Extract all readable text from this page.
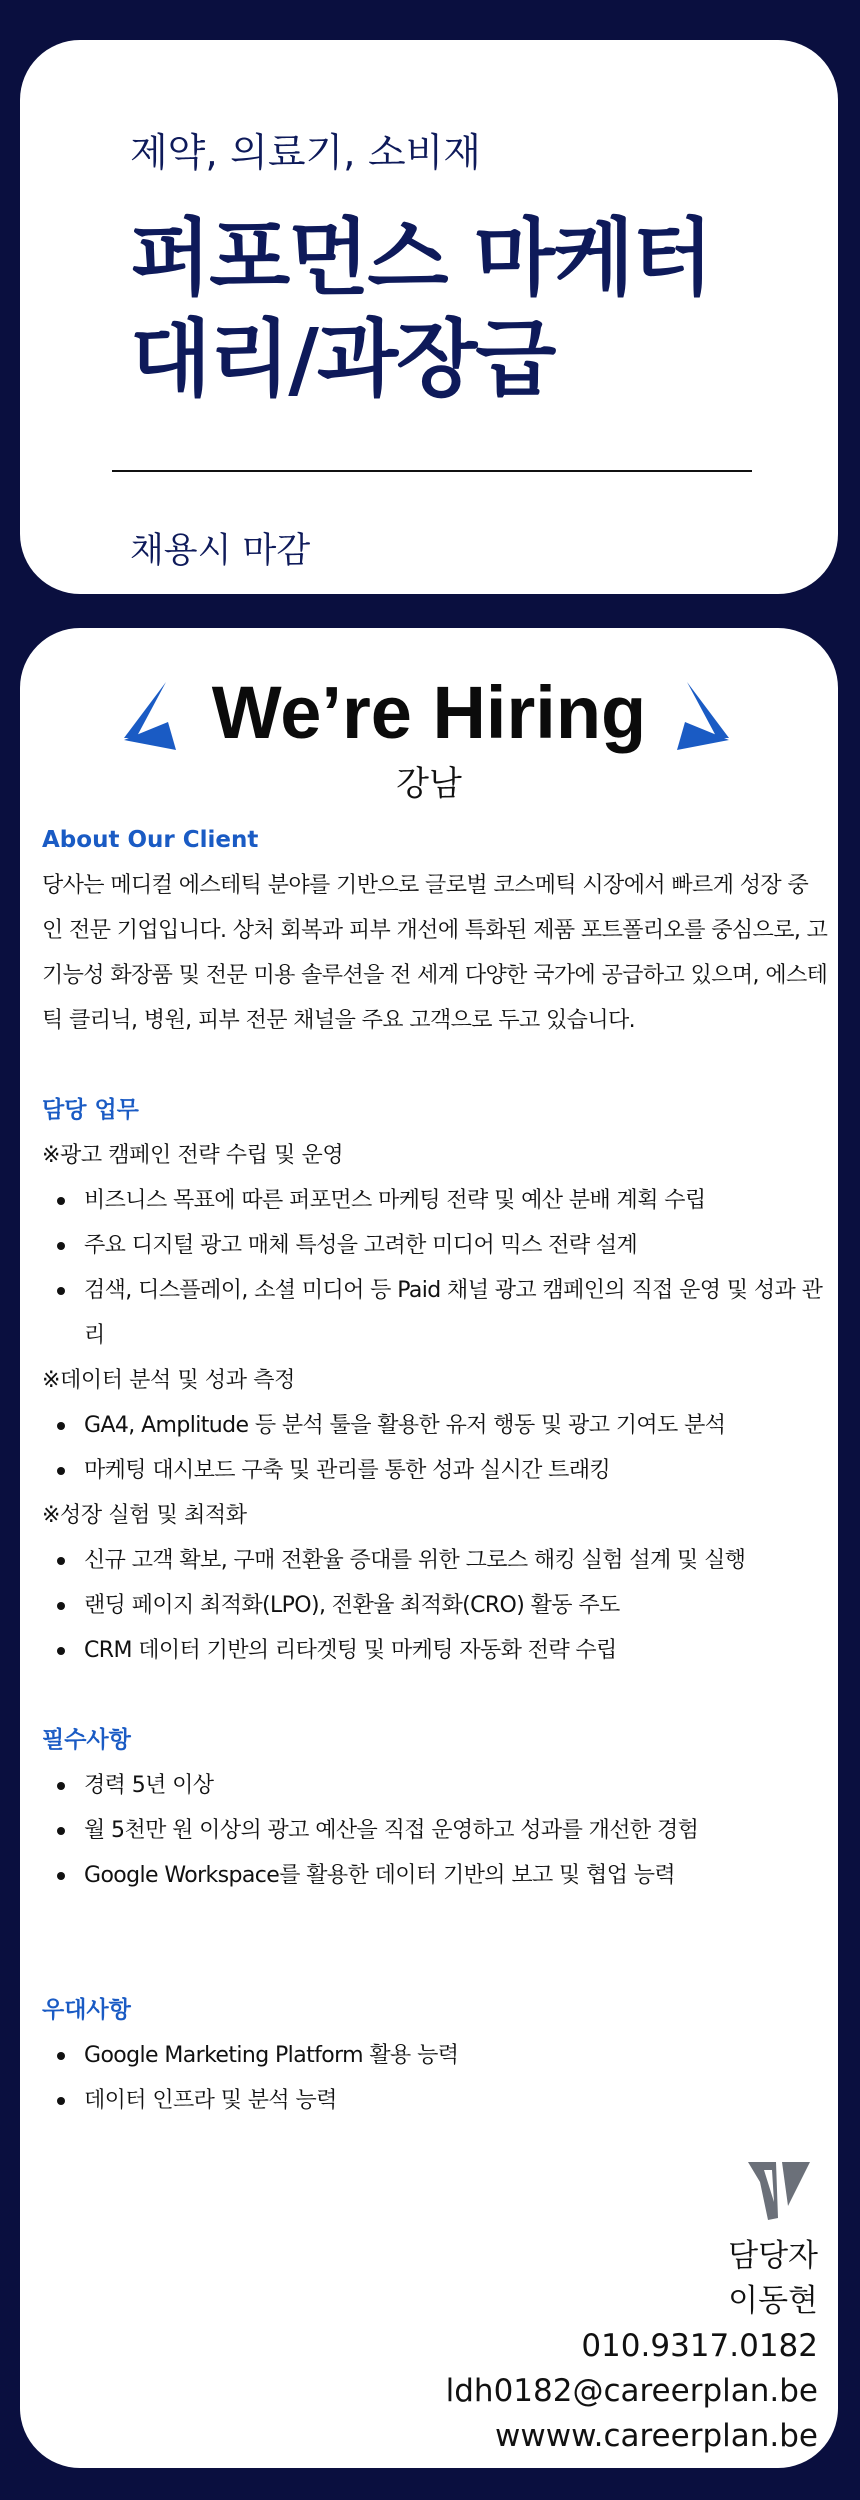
제약, 의료기, 소비재

퍼포먼스 마케터
대리/과장급

채용시 마감

We’re Hiring

강남

About Our Client

당사는 메디컬 에스테틱 분야를 기반으로 글로벌 코스메틱 시장에서 빠르게 성장 중인 전문 기업입니다. 상처 회복과 피부 개선에 특화된 제품 포트폴리오를 중심으로, 고기능성 화장품 및 전문 미용 솔루션을 전 세계 다양한 국가에 공급하고 있으며, 에스테틱 클리닉, 병원, 피부 전문 채널을 주요 고객으로 두고 있습니다.

담당 업무

※광고 캠페인 전략 수립 및 운영

비즈니스 목표에 따른 퍼포먼스 마케팅 전략 및 예산 분배 계획 수립
주요 디지털 광고 매체 특성을 고려한 미디어 믹스 전략 설계
검색, 디스플레이, 소셜 미디어 등 Paid 채널 광고 캠페인의 직접 운영 및 성과 관리

※데이터 분석 및 성과 측정

GA4, Amplitude 등 분석 툴을 활용한 유저 행동 및 광고 기여도 분석
마케팅 대시보드 구축 및 관리를 통한 성과 실시간 트래킹

※성장 실험 및 최적화

신규 고객 확보, 구매 전환율 증대를 위한 그로스 해킹 실험 설계 및 실행
랜딩 페이지 최적화(LPO), 전환율 최적화(CRO) 활동 주도
CRM 데이터 기반의 리타겟팅 및 마케팅 자동화 전략 수립
필수사항
경력 5년 이상
월 5천만 원 이상의 광고 예산을 직접 운영하고 성과를 개선한 경험
Google Workspace를 활용한 데이터 기반의 보고 및 협업 능력
우대사항
Google Marketing Platform 활용 능력
데이터 인프라 및 분석 능력
담당자
이동현
010.9317.0182
ldh0182@careerplan.be
wwww.careerplan.be
